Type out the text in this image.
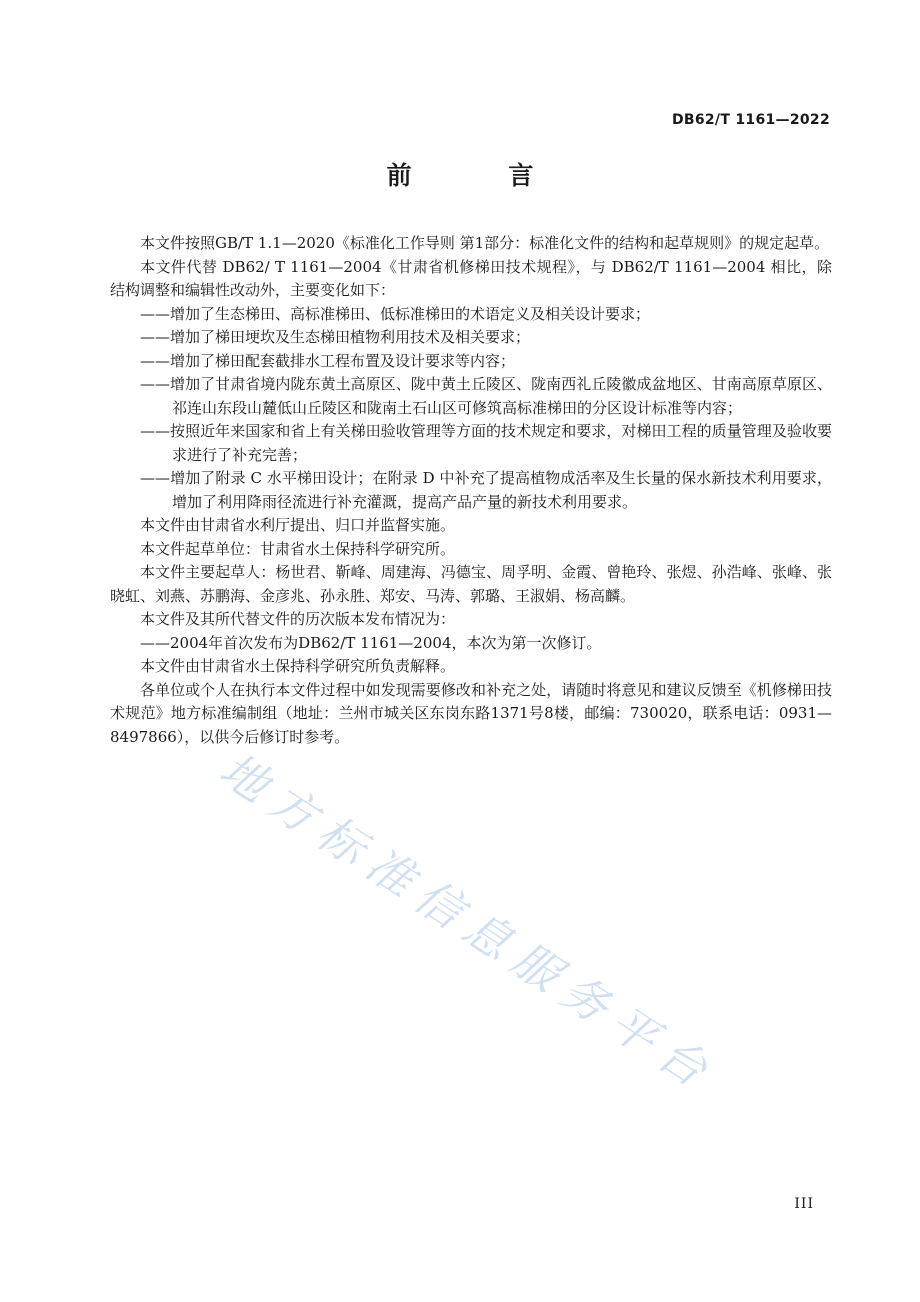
DB62/T 1161—2022
前 言

本文件按照GB/T 1.1—2020《标准化工作导则 第1部分：标准化文件的结构和起草规则》的规定起草。

本文件代替 DB62/ T 1161—2004《甘肃省机修梯田技术规程》，与 DB62/T 1161—2004 相比，除结构调整和编辑性改动外，主要变化如下：

——增加了生态梯田、高标准梯田、低标准梯田的术语定义及相关设计要求；

——增加了梯田埂坎及生态梯田植物利用技术及相关要求；

——增加了梯田配套截排水工程布置及设计要求等内容；

——增加了甘肃省境内陇东黄土高原区、陇中黄土丘陵区、陇南西礼丘陵徽成盆地区、甘南高原草原区、祁连山东段山麓低山丘陵区和陇南土石山区可修筑高标准梯田的分区设计标准等内容；

——按照近年来国家和省上有关梯田验收管理等方面的技术规定和要求，对梯田工程的质量管理及验收要求进行了补充完善；

——增加了附录 C 水平梯田设计；在附录 D 中补充了提高植物成活率及生长量的保水新技术利用要求，增加了利用降雨径流进行补充灌溉，提高产品产量的新技术利用要求。

本文件由甘肃省水利厅提出、归口并监督实施。

本文件起草单位：甘肃省水土保持科学研究所。

本文件主要起草人：杨世君、靳峰、周建海、冯德宝、周孚明、金霞、曾艳玲、张煜、孙浩峰、张峰、张晓虹、刘燕、苏鹏海、金彦兆、孙永胜、郑安、马涛、郭璐、王淑娟、杨高麟。

本文件及其所代替文件的历次版本发布情况为：

——2004年首次发布为DB62/T 1161—2004，本次为第一次修订。

本文件由甘肃省水土保持科学研究所负责解释。

各单位或个人在执行本文件过程中如发现需要修改和补充之处，请随时将意见和建议反馈至《机修梯田技术规范》地方标准编制组（地址：兰州市城关区东岗东路1371号8楼，邮编：730020，联系电话：0931—8497866），以供今后修订时参考。

地方标准信息服务平台
III
